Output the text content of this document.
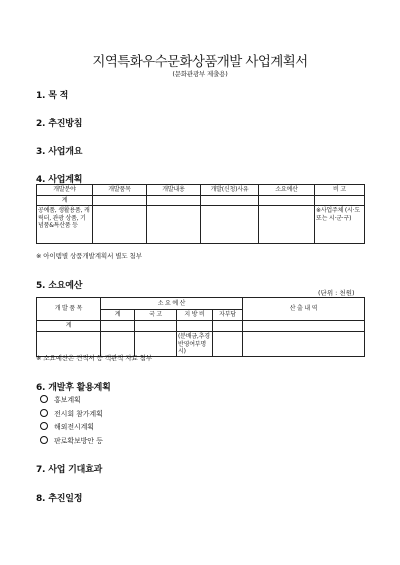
지역특화우수문화상품개발 사업계획서
(문화관광부 제출용)
1. 목 적
2. 추진방침
3. 사업개요
4. 사업계획
개발분야	개발품목	개발내용	개발(신청)사유	소요예산	비 고
계					
공예품, 생활용품, 캐릭터, 관광 상품, 기념품&특산품 등					※사업주체 (시·도 또는 시·군·구)
※ 아이템별 상품개발계획서 별도 첨부
5. 소요예산
(단위 : 천원)
개 발 품 목	소 요 예 산				산 출 내 역
	계	국 고	지 방 비	자부담	
계					
			(분배금,추경 반영여부명시)		
※ 소요예산은 견적서 등 객관적 자료 첨부
6. 개발후 활용계획
홍보계획
전시회 참가계획
해외전시계획
판로확보방안 등
7. 사업 기대효과
8. 추진일정
